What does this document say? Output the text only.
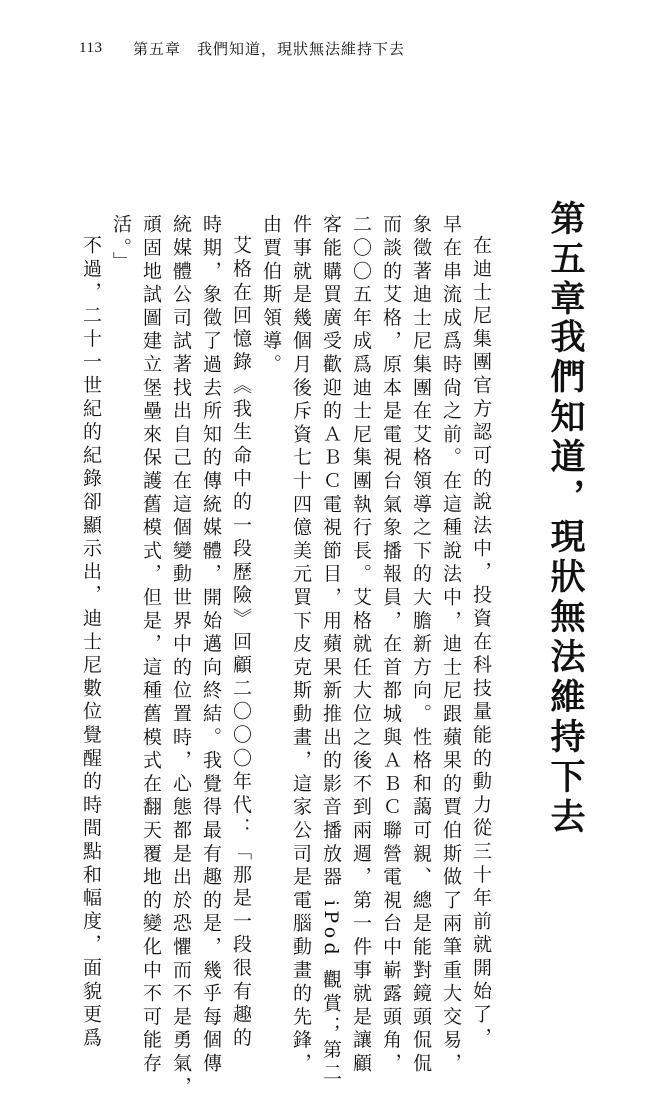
113 第五章　我們知道，現狀無法維持下去
第五章
我們知道，現狀無法維持下去
在迪士尼集團官方認可的說法中，投資在科技量能的動力從三十年前就開始了，
早在串流成爲時尙之前。在這種說法中，迪士尼跟蘋果的賈伯斯做了兩筆重大交易，
象徵著迪士尼集團在艾格領導之下的大膽新方向。性格和藹可親、總是能對鏡頭侃侃
而談的艾格，原本是電視台氣象播報員，在首都城與ＡＢＣ聯營電視台中嶄露頭角，
二〇〇五年成爲迪士尼集團執行長。艾格就任大位之後不到兩週，第一件事就是讓顧
客能購買廣受歡迎的ＡＢＣ電視節目，用蘋果新推出的影音播放器 iPod 觀賞；第二
件事就是幾個月後斥資七十四億美元買下皮克斯動畫，這家公司是電腦動畫的先鋒，
由賈伯斯領導。
艾格在回憶錄《我生命中的一段歷險》回顧二〇〇〇年代：「那是一段很有趣的
時期，象徵了過去所知的傳統媒體，開始邁向終結。我覺得最有趣的是，幾乎每個傳
統媒體公司試著找出自己在這個變動世界中的位置時，心態都是出於恐懼而不是勇氣，
頑固地試圖建立堡壘來保護舊模式，但是，這種舊模式在翻天覆地的變化中不可能存
活。」
不過，二十一世紀的紀錄卻顯示出，迪士尼數位覺醒的時間點和幅度，面貌更爲
